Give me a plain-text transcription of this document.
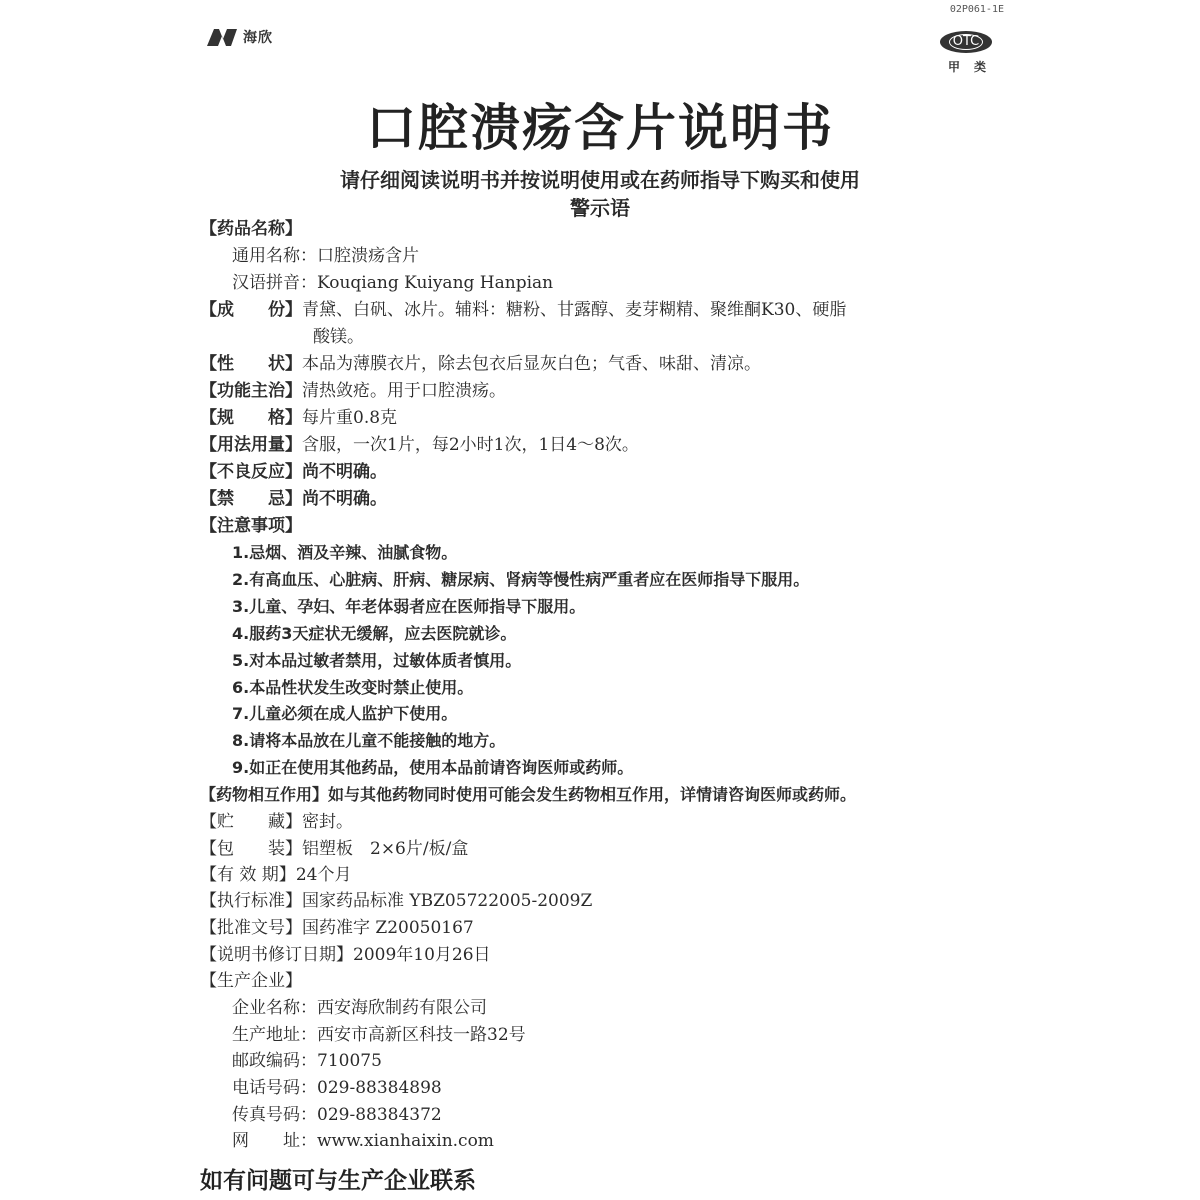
海欣
02P061-1E
OTC
甲类
口腔溃疡含片说明书
请仔细阅读说明书并按说明使用或在药师指导下购买和使用
警示语
【药品名称】
通用名称：口腔溃疡含片
汉语拼音：Kouqiang Kuiyang Hanpian
【成　　份】青黛、白矾、冰片。辅料：糖粉、甘露醇、麦芽糊精、聚维酮K30、硬脂
酸镁。
【性　　状】本品为薄膜衣片，除去包衣后显灰白色；气香、味甜、清凉。
【功能主治】清热敛疮。用于口腔溃疡。
【规　　格】每片重0.8克
【用法用量】含服，一次1片，每2小时1次，1日4～8次。
【不良反应】尚不明确。
【禁　　忌】尚不明确。
【注意事项】
1.忌烟、酒及辛辣、油腻食物。
2.有高血压、心脏病、肝病、糖尿病、肾病等慢性病严重者应在医师指导下服用。
3.儿童、孕妇、年老体弱者应在医师指导下服用。
4.服药3天症状无缓解，应去医院就诊。
5.对本品过敏者禁用，过敏体质者慎用。
6.本品性状发生改变时禁止使用。
7.儿童必须在成人监护下使用。
8.请将本品放在儿童不能接触的地方。
9.如正在使用其他药品，使用本品前请咨询医师或药师。
【药物相互作用】如与其他药物同时使用可能会发生药物相互作用，详情请咨询医师或药师。
【贮　　藏】密封。
【包　　装】铝塑板　2×6片/板/盒
【有 效 期】24个月
【执行标准】国家药品标准 YBZ05722005-2009Z
【批准文号】国药准字 Z20050167
【说明书修订日期】2009年10月26日
【生产企业】
企业名称：西安海欣制药有限公司
生产地址：西安市高新区科技一路32号
邮政编码：710075
电话号码：029-88384898
传真号码：029-88384372
网　　址：www.xianhaixin.com
如有问题可与生产企业联系
